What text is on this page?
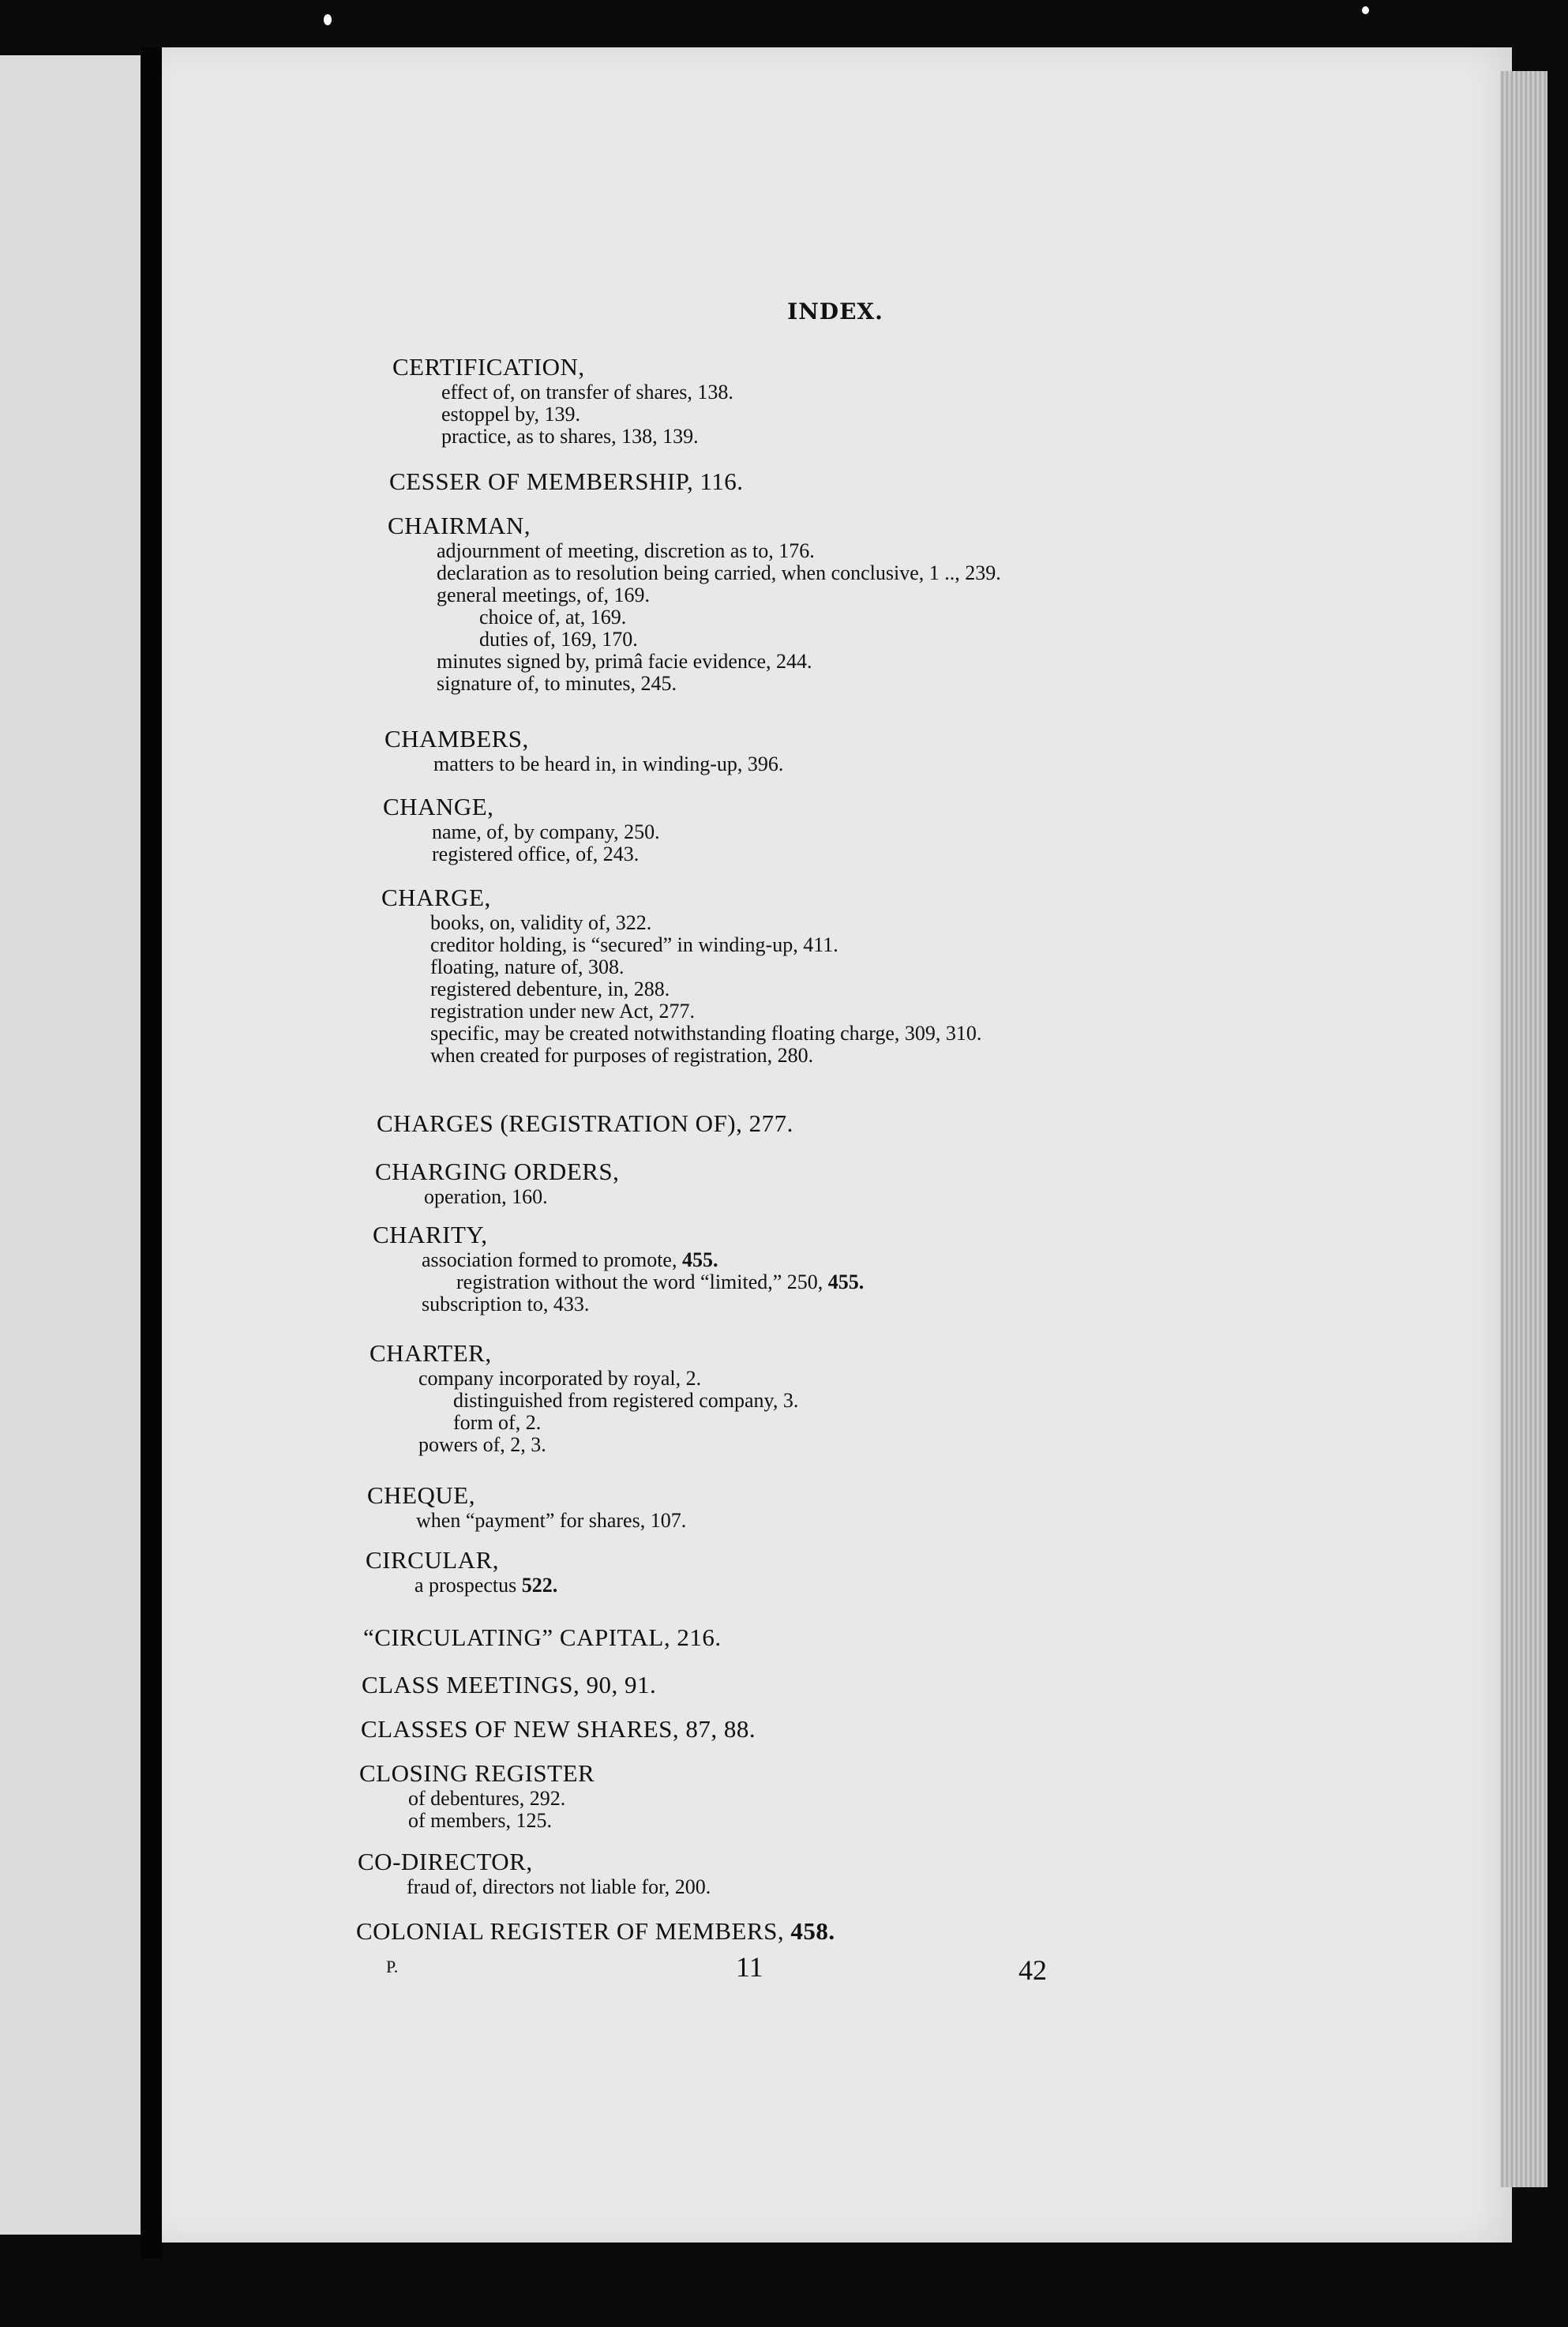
INDEX.
CERTIFICATION,
effect of, on transfer of shares, 138.
estoppel by, 139.
practice, as to shares, 138, 139.
CESSER OF MEMBERSHIP, 116.
CHAIRMAN,
adjournment of meeting, discretion as to, 176.
declaration as to resolution being carried, when conclusive, 1 .., 239.
general meetings, of, 169.
choice of, at, 169.
duties of, 169, 170.
minutes signed by, primâ facie evidence, 244.
signature of, to minutes, 245.
CHAMBERS,
matters to be heard in, in winding-up, 396.
CHANGE,
name, of, by company, 250.
registered office, of, 243.
CHARGE,
books, on, validity of, 322.
creditor holding, is “secured” in winding-up, 411.
floating, nature of, 308.
registered debenture, in, 288.
registration under new Act, 277.
specific, may be created notwithstanding floating charge, 309, 310.
when created for purposes of registration, 280.
CHARGES (REGISTRATION OF), 277.
CHARGING ORDERS,
operation, 160.
CHARITY,
association formed to promote, 455.
registration without the word “limited,” 250, 455.
subscription to, 433.
CHARTER,
company incorporated by royal, 2.
distinguished from registered company, 3.
form of, 2.
powers of, 2, 3.
CHEQUE,
when “payment” for shares, 107.
CIRCULAR,
a prospectus 522.
“CIRCULATING” CAPITAL, 216.
CLASS MEETINGS, 90, 91.
CLASSES OF NEW SHARES, 87, 88.
CLOSING REGISTER
of debentures, 292.
of members, 125.
CO-DIRECTOR,
fraud of, directors not liable for, 200.
COLONIAL REGISTER OF MEMBERS, 458.
P.	11	42
